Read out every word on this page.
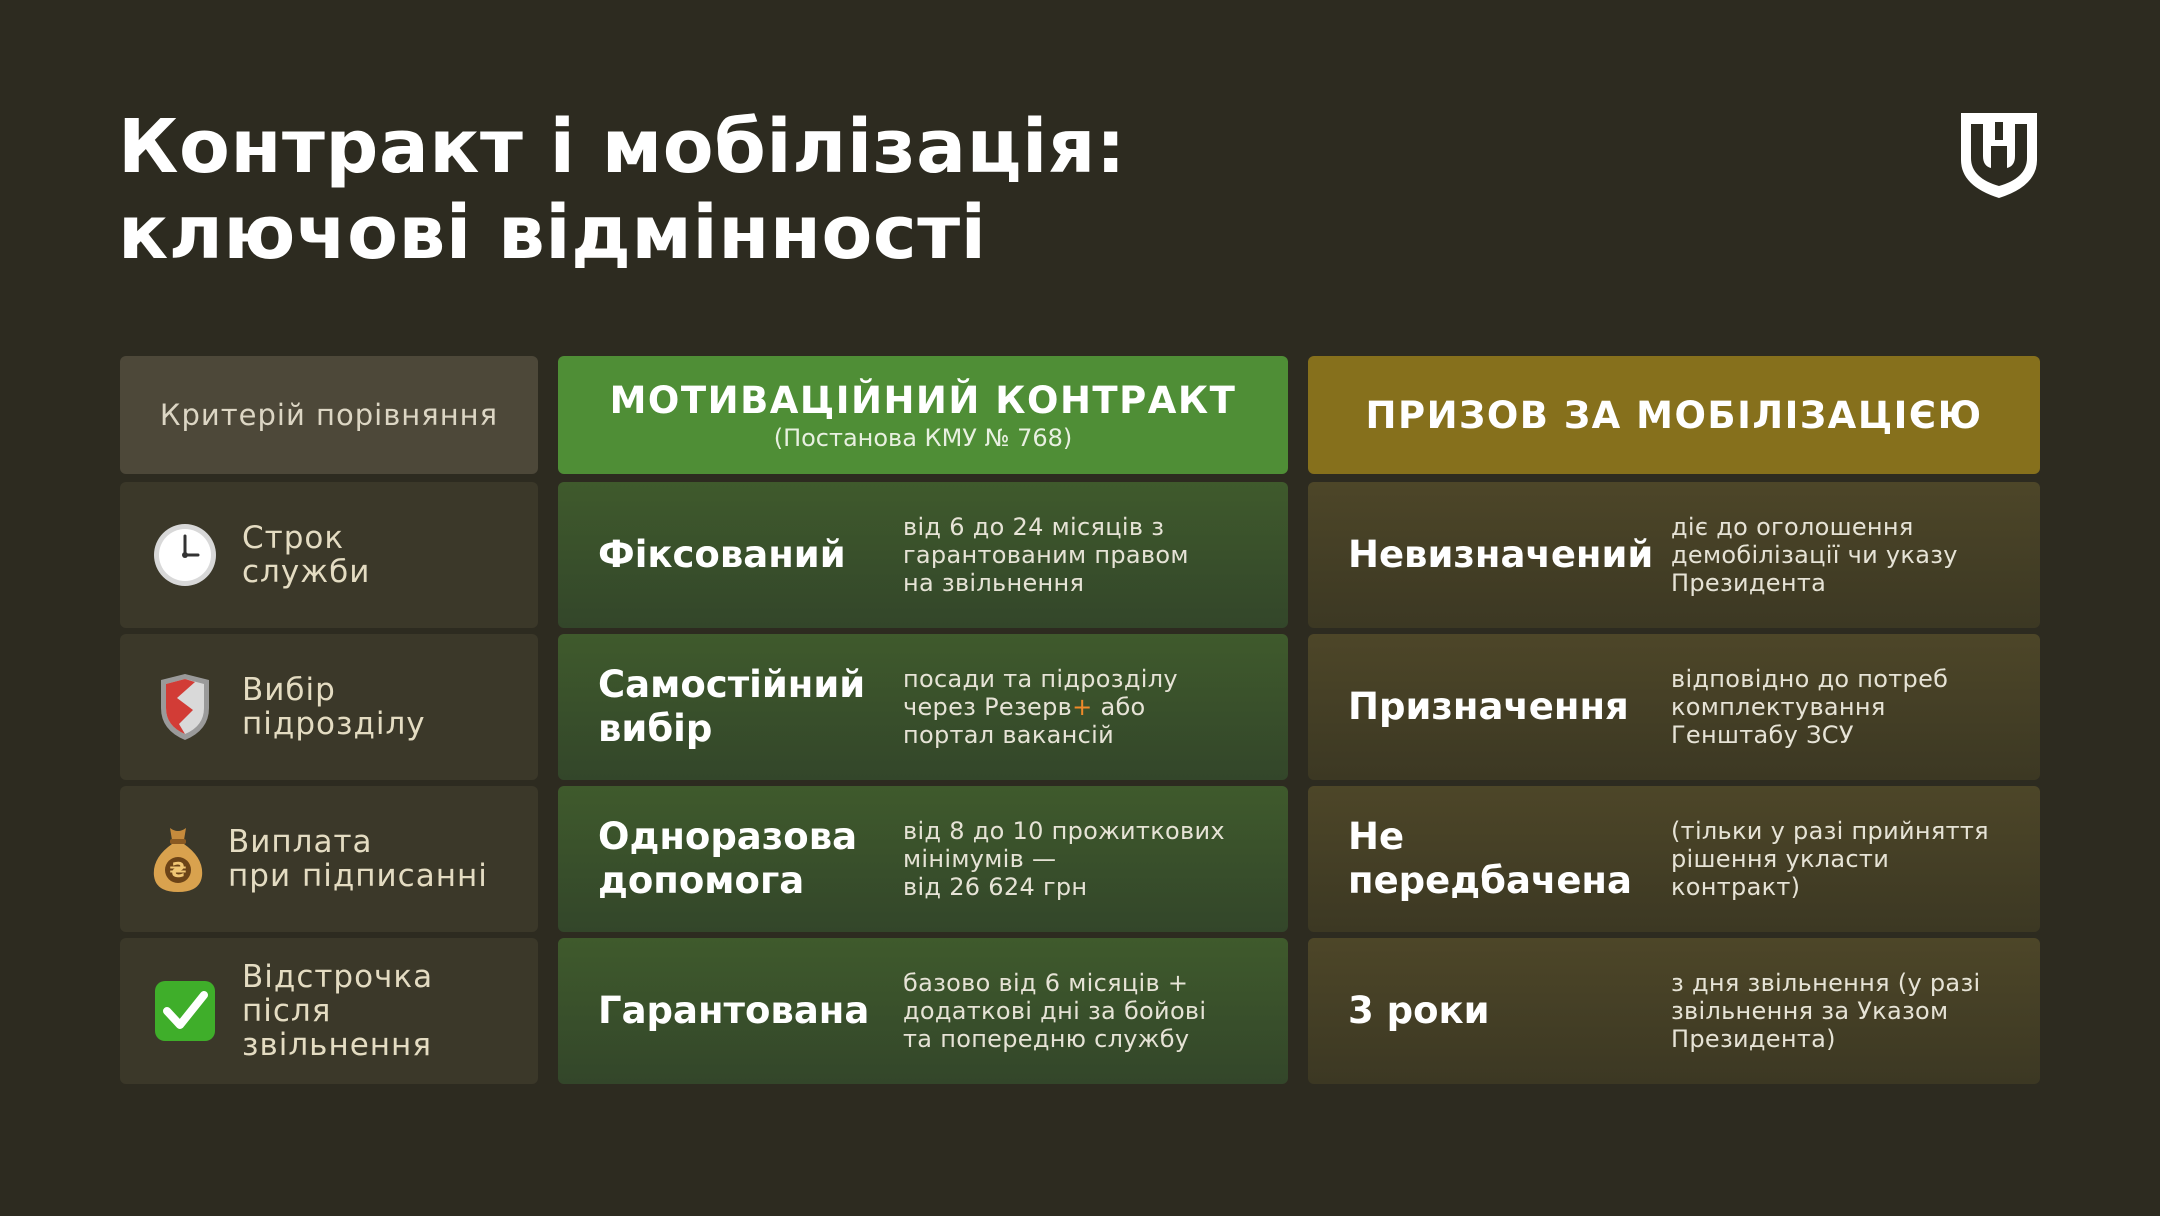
Контракт і мобілізація:
ключові відмінності
Критерій порівняння	МОТИВАЦІЙНИЙ КОНТРАКТ
(Постанова КМУ № 768)
ПРИЗОВ ЗА МОБІЛІЗАЦІЄЮ
Строк
служби	Фіксований
від 6 до 24 місяців з
гарантованим правом
на звільнення
Невизначений
діє до оголошення
демобілізації чи указу
Президента
Вибір
підрозділу
Самостійний
вибір
посади та підрозділу
через Резерв+ або
портал вакансій
Призначення
відповідно до потреб
комплектування
Генштабу ЗСУ
₴
Виплата
при підписанні
Одноразова
допомога
від 8 до 10 прожиткових
мінімумів —
від 26 624 грн
Не
передбачена
(тільки у разі прийняття
рішення укласти
контракт)
Відстрочка
після
звільнення
Гарантована
базово від 6 місяців +
додаткові дні за бойові
та попередню службу
3 роки
з дня звільнення (у разі
звільнення за Указом
Президента)
